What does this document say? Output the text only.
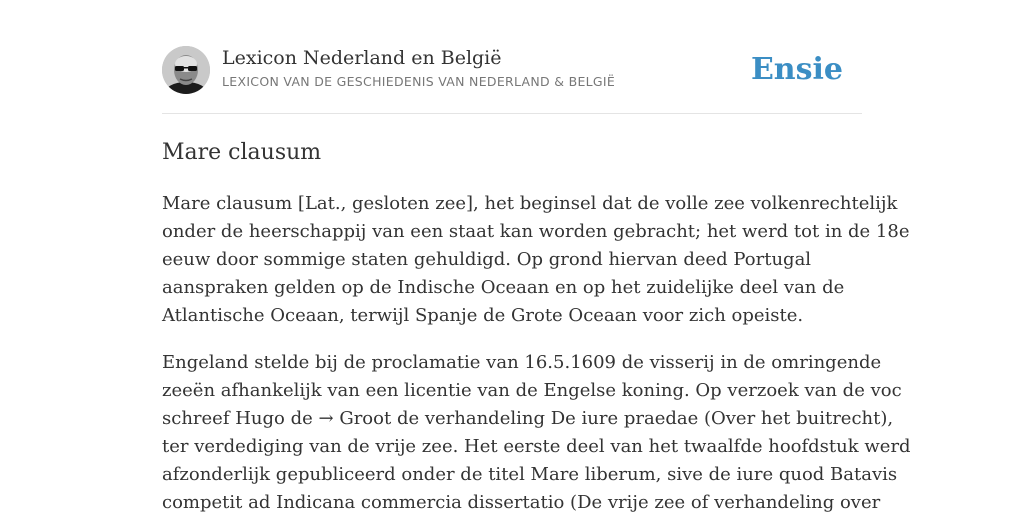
Lexicon Nederland en België
LEXICON VAN DE GESCHIEDENIS VAN NEDERLAND & BELGIË	Ensie
Mare clausum

Mare clausum [Lat., gesloten zee], het beginsel dat de volle zee volkenrechtelijk
onder de heerschappij van een staat kan worden gebracht; het werd tot in de 18e
eeuw door sommige staten gehuldigd. Op grond hiervan deed Portugal
aanspraken gelden op de Indische Oceaan en op het zuidelijke deel van de
Atlantische Oceaan, terwijl Spanje de Grote Oceaan voor zich opeiste.

Engeland stelde bij de proclamatie van 16.5.1609 de visserij in de omringende
zeeën afhankelijk van een licentie van de Engelse koning. Op verzoek van de voc
schreef Hugo de → Groot de verhandeling De iure praedae (Over het buitrecht),
ter verdediging van de vrije zee. Het eerste deel van het twaalfde hoofdstuk werd
afzonderlijk gepubliceerd onder de titel Mare liberum, sive de iure quod Batavis
competit ad Indicana commercia dissertatio (De vrije zee of verhandeling over
